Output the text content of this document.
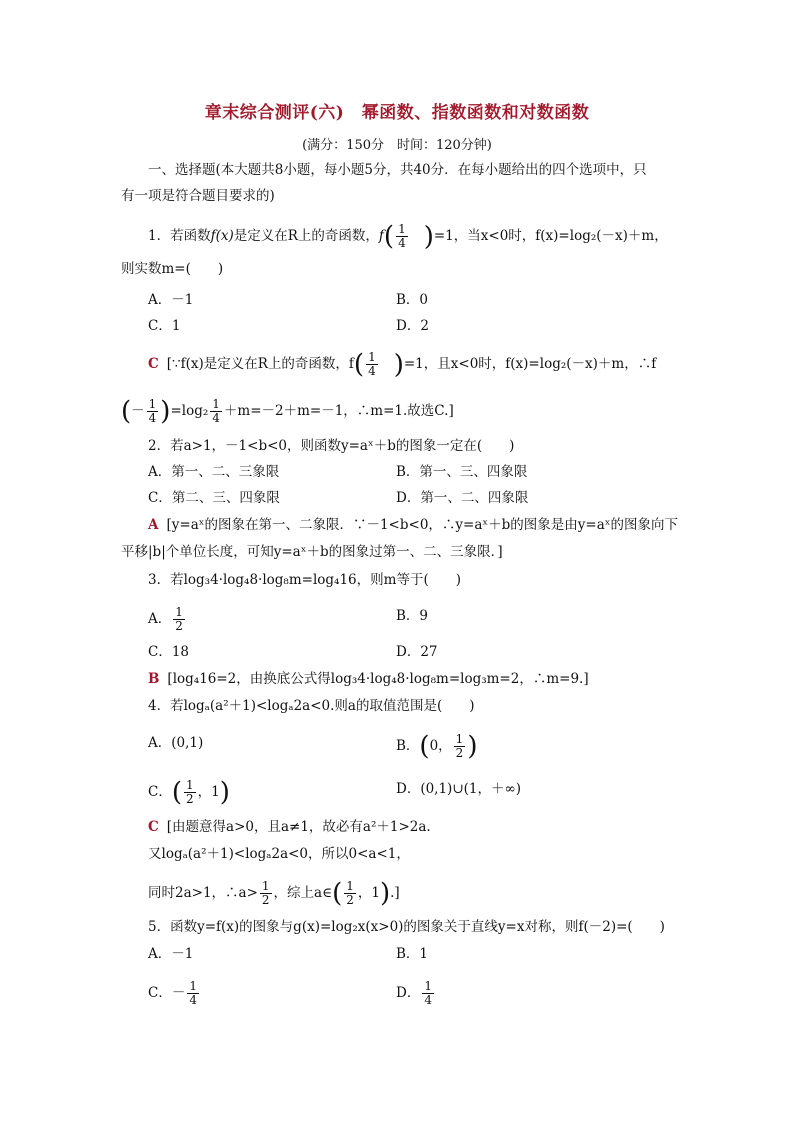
章末综合测评(六)　幂函数、指数函数和对数函数
(满分：150分　时间：120分钟)
一、选择题(本大题共8小题，每小题5分，共40分．在每小题给出的四个选项中，只
有一项是符合题目要求的)
1．若函数f(x)是定义在R上的奇函数，$f( \frac{1}{4} )=1$，当x<0时，f(x)=log₂(－x)＋m，
则实数m=(　　)
A．－1	B．0
C．1	D．2
C [∵f(x)是定义在R上的奇函数，$f( \frac{1}{4} )=1$，且x<0时，f(x)=log₂(－x)＋m，∴f
(－ $\frac{1}{4} )=\log_2 \frac{1}{4} +m=-2+m=-1$，∴m=1.故选C.]
2．若a>1，－1<b<0，则函数y=aˣ＋b的图象一定在(　　)
A．第一、二、三象限	B．第一、三、四象限
C．第二、三、四象限	D．第一、二、四象限
A [y=aˣ的图象在第一、二象限．∵－1<b<0，∴y=aˣ＋b的图象是由y=aˣ的图象向下
平移|b|个单位长度，可知y=aˣ＋b的图象过第一、二、三象限．]
3．若log₃4·log₄8·log₈m=log₄16，则m等于(　　)
A． $\frac{1}{2}$	B．9
C．18	D．27
B [log₄16=2，由换底公式得log₃4·log₄8·log₈m=log₃m=2，∴m=9.]
4．若logₐ(a²＋1)<logₐ2a<0.则a的取值范围是(　　)
A．(0,1)	B．(0， $\frac{1}{2}$ )
C．( $\frac{1}{2}$ ，1)	D．(0,1)∪(1，＋∞)
C [由题意得a>0，且a≠1，故必有a²＋1>2a.
又logₐ(a²＋1)<logₐ2a<0，所以0<a<1，
同时2a>1，∴a> $\frac{1}{2}$ ，综上a∈( $\frac{1}{2}$ ，1).]
5．函数y=f(x)的图象与g(x)=log₂x(x>0)的图象关于直线y=x对称，则f(－2)=(　　)
A．－1	B．1
C．－ $\frac{1}{4}$	D． $\frac{1}{4}$
